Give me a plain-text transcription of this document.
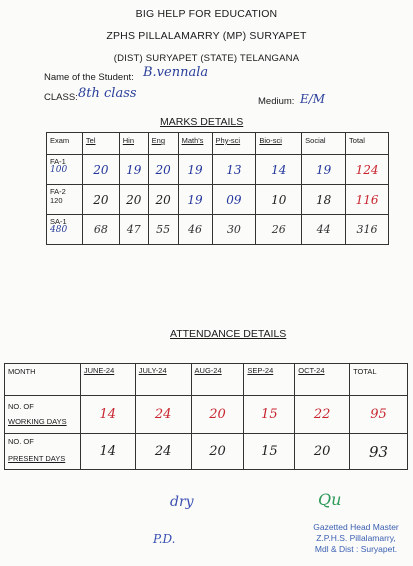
BIG HELP FOR EDUCATION
ZPHS PILLALAMARRY (MP) SURYAPET
(DIST) SURYAPET (STATE) TELANGANA
Name of the Student: B.vennala
CLASS: 8th class
Medium: E/M
MARKS DETAILS
Exam	Tel	Hin	Eng	Math's	Phy-sci	Bio-sci	Social	Total

FA-1
100	20	19	20	19	13	14	19	124

FA-2
120	20	20	20	19	09	10	18	116

SA-1
480	68	47	55	46	30	26	44	316
ATTENDANCE DETAILS
MONTH	JUNE-24	JULY-24	AUG-24	SEP-24	OCT-24	TOTAL

NO. OF
WORKING DAYS	14	24	20	15	22	95

NO. OF
PRESENT DAYS	14	24	20	15	20	93
dry
P.D.
Qu
Gazetted Head Master
Z.P.H.S. Pillalamarry,
Mdl & Dist : Suryapet.
